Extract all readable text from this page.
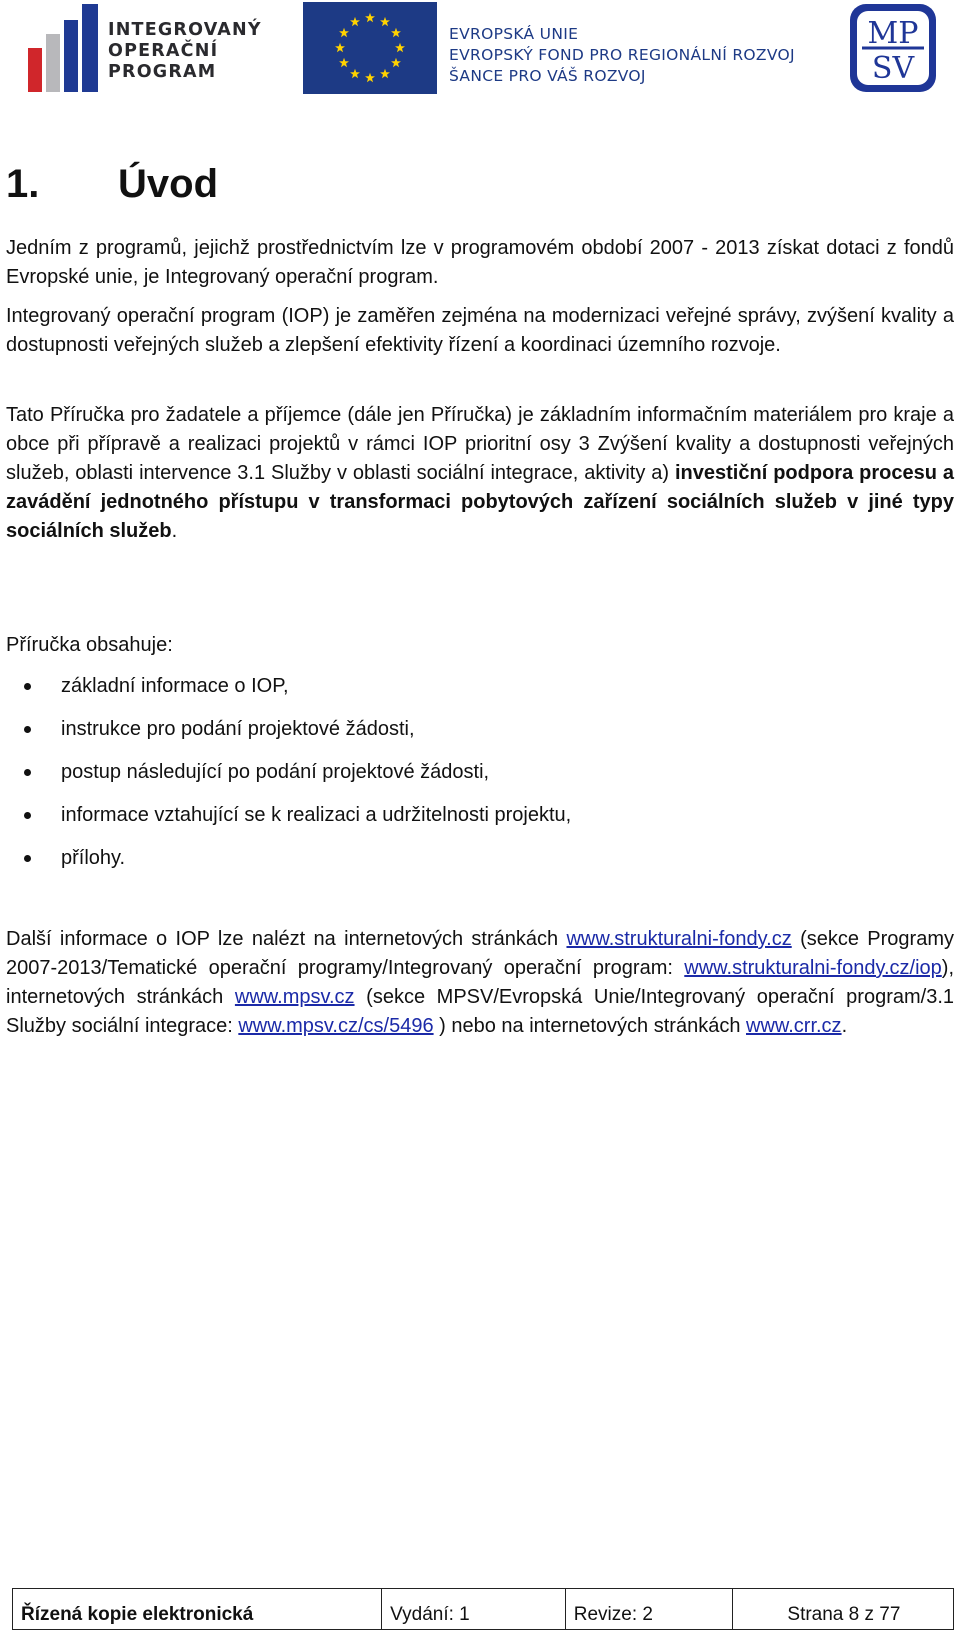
INTEGROVANÝ
OPERAČNÍ
PROGRAM
EVROPSKÁ UNIE
EVROPSKÝ FOND PRO REGIONÁLNÍ ROZVOJ
ŠANCE PRO VÁŠ ROZVOJ
MP
SV
1. Úvod

Jedním z programů, jejichž prostřednictvím lze v programovém období 2007 - 2013 získat dotaci z fondů Evropské unie, je Integrovaný operační program.

Integrovaný operační program (IOP) je zaměřen zejména na modernizaci veřejné správy, zvýšení kvality a dostupnosti veřejných služeb a zlepšení efektivity řízení a koordinaci územního rozvoje.

Tato Příručka pro žadatele a příjemce (dále jen Příručka) je základním informačním materiálem pro kraje a obce při přípravě a realizaci projektů v rámci IOP prioritní osy 3 Zvýšení kvality a dostupnosti veřejných služeb, oblasti intervence 3.1 Služby v oblasti sociální integrace, aktivity a) investiční podpora procesu a zavádění jednotného přístupu v transformaci pobytových zařízení sociálních služeb v jiné typy sociálních služeb.

Příručka obsahuje:

základní informace o IOP,
instrukce pro podání projektové žádosti,
postup následující po podání projektové žádosti,
informace vztahující se k realizaci a udržitelnosti projektu,
přílohy.

Další informace o IOP lze nalézt na internetových stránkách www.strukturalni-fondy.cz (sekce Programy 2007-2013/Tematické operační programy/Integrovaný operační program: www.strukturalni-fondy.cz/iop), internetových stránkách www.mpsv.cz (sekce MPSV/Evropská Unie/Integrovaný operační program/3.1 Služby sociální integrace: www.mpsv.cz/cs/5496 ) nebo na internetových stránkách www.crr.cz.

Řízená kopie elektronická	Vydání: 1	Revize: 2	Strana 8 z 77
